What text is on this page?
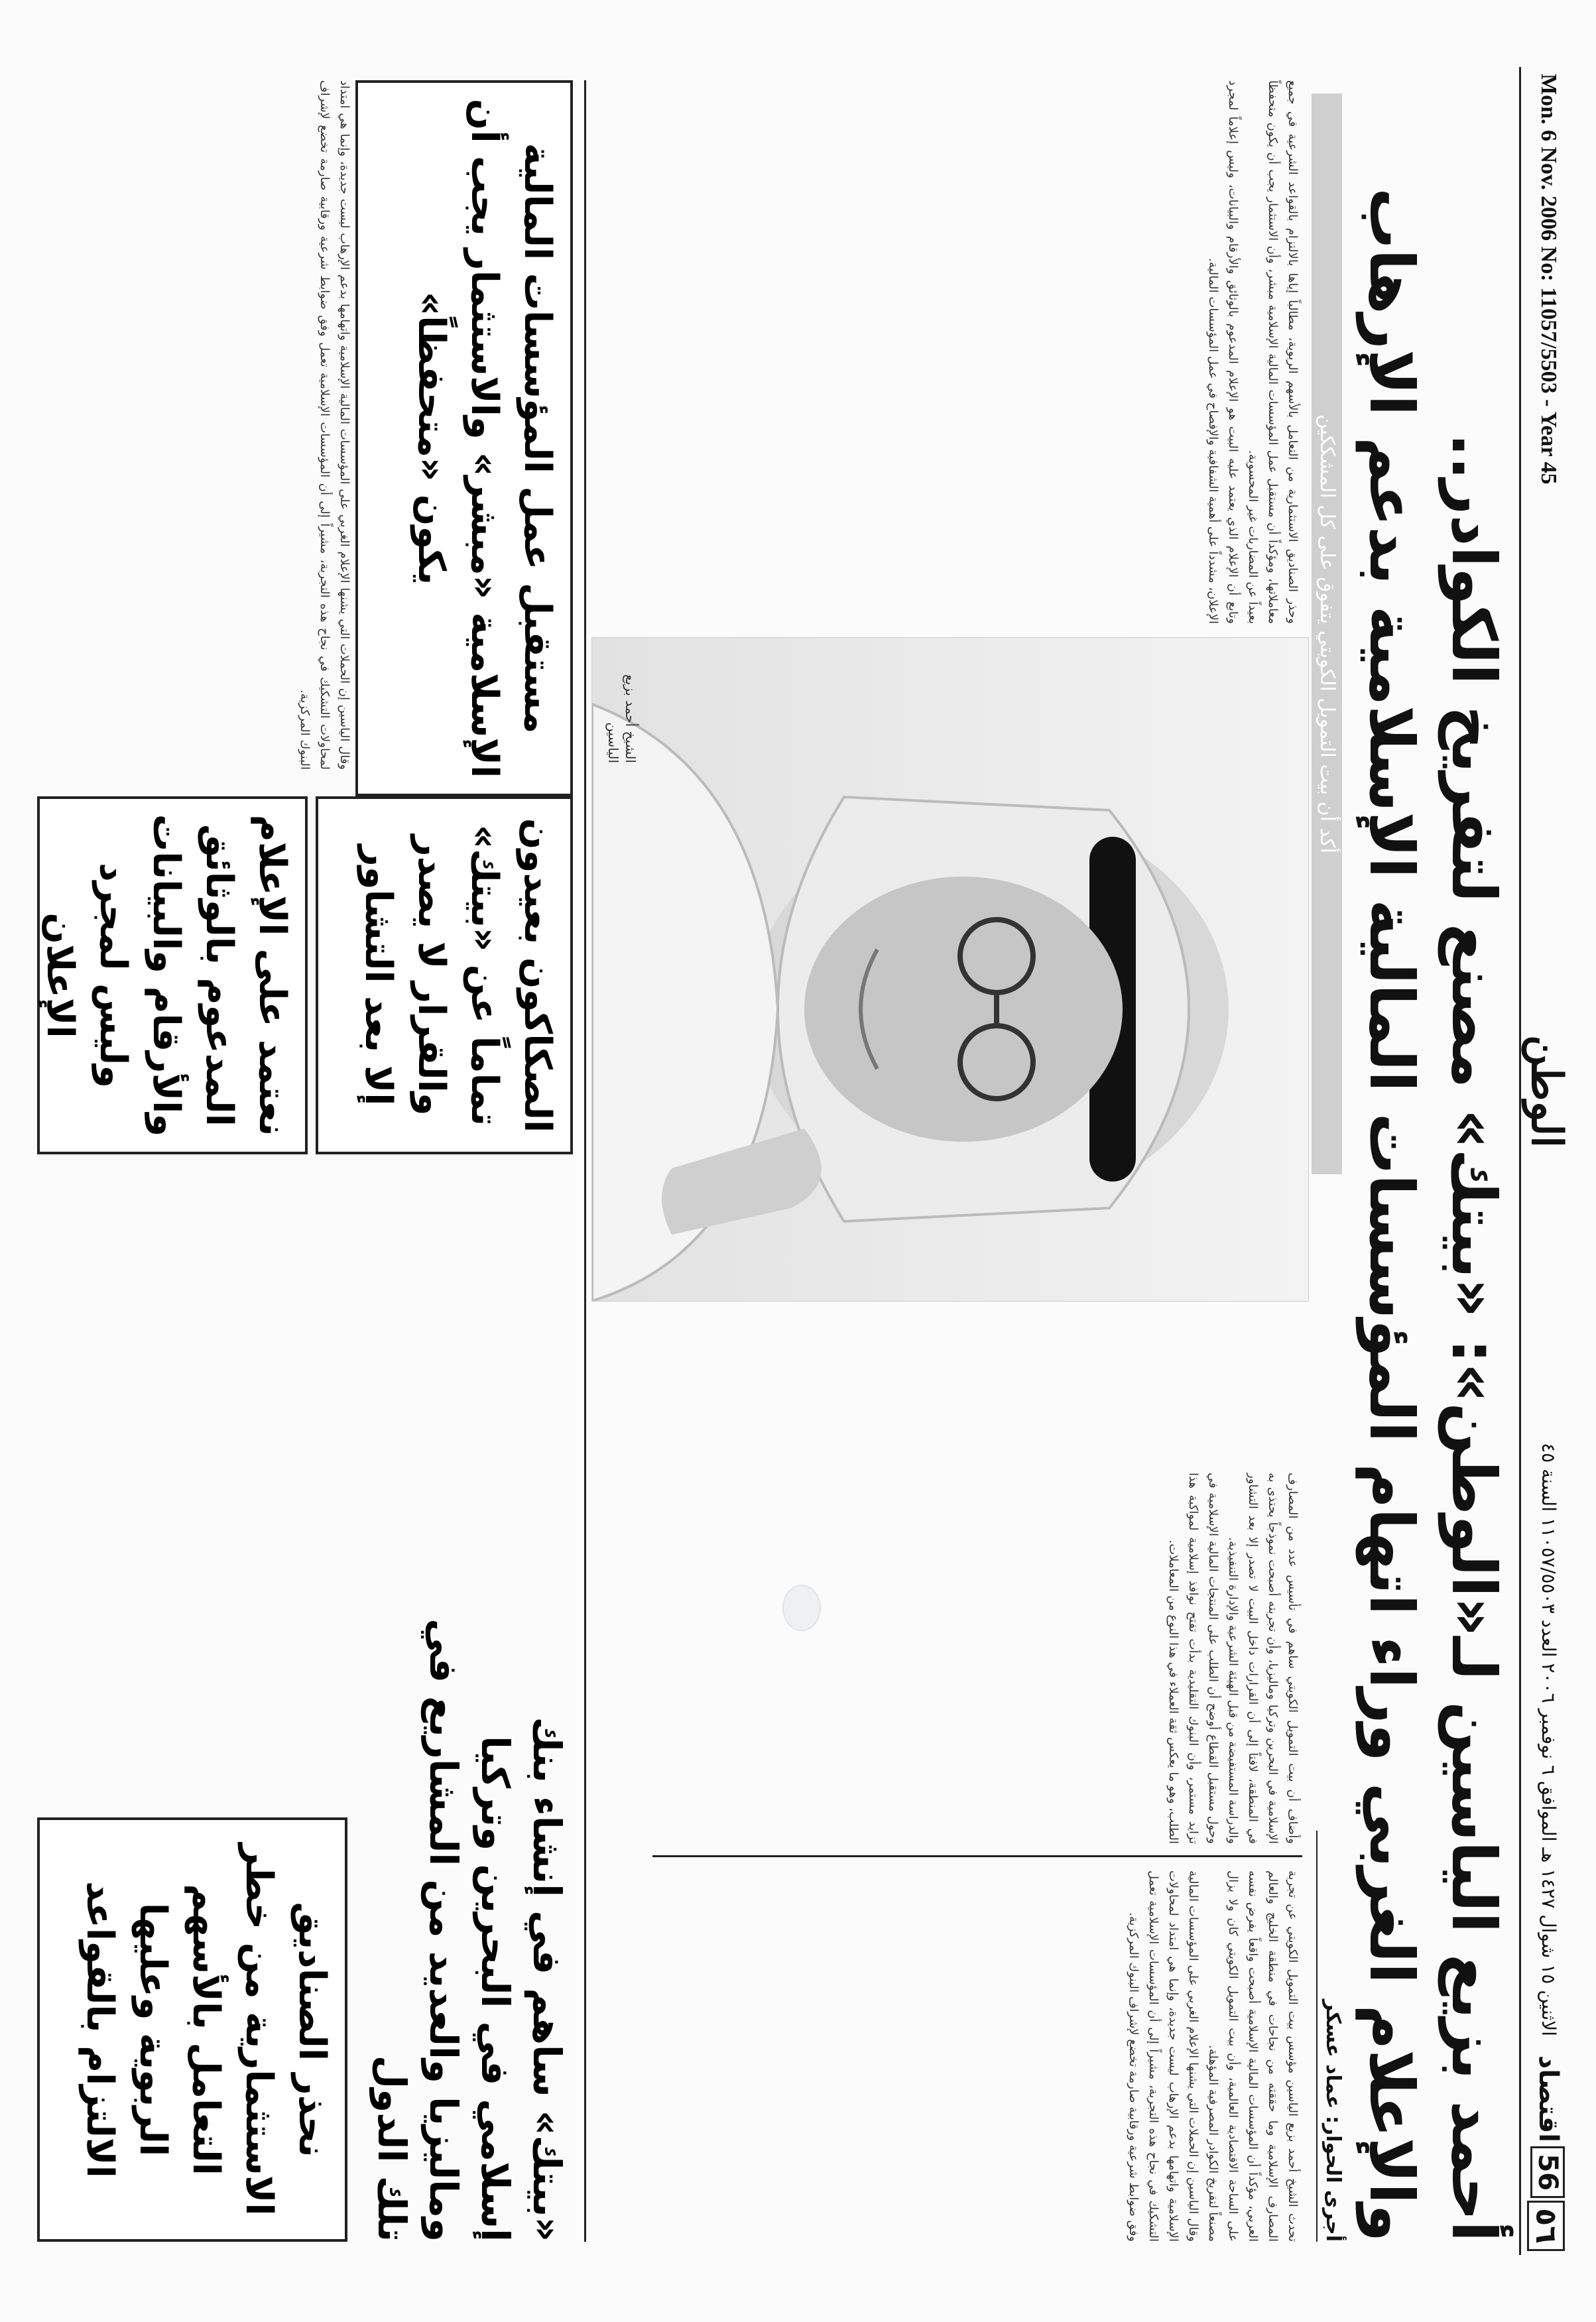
٥٦
56
اقتصاد
الاثنين ١٥ شوال ١٤٢٧ هـ الموافق ٦ نوفمبر ٢٠٠٦ العدد ١١٠٥٧/٥٥٠٣ السنة ٤٥
الوطن
Mon. 6 Nov. 2006 No: 11057/5503 - Year 45
أحمد بزيع الياسين لـ«الوطن»: «بيتك» مصنع لتفريخ الكوادر..
والإعلام الغربي وراء اتهام المؤسسات المالية الإسلامية بدعم الإرهاب
أجرى الحوار: عماد عسكر
أكد أن بيت التمويل الكويتي يتفوق على كل المشككين

تحدث الشيخ أحمد بزيع الياسين مؤسس بيت التمويل الكويتي عن تجربة المصارف الإسلامية وما حققته من نجاحات في منطقة الخليج والعالم العربي، مؤكداً أن المؤسسات المالية الإسلامية أصبحت واقعاً يفرض نفسه على الساحة الاقتصادية العالمية، وأن بيت التمويل الكويتي كان ولا يزال مصنعاً لتفريخ الكوادر المصرفية المؤهلة.

وقال الياسين إن الحملات التي يشنها الإعلام الغربي على المؤسسات المالية الإسلامية واتهامها بدعم الإرهاب ليست جديدة، وإنما هي امتداد لمحاولات التشكيك في نجاح هذه التجربة، مشيراً إلى أن المؤسسات الإسلامية تعمل وفق ضوابط شرعية ورقابية صارمة تخضع لإشراف البنوك المركزية.

وأضاف أن بيت التمويل الكويتي ساهم في تأسيس عدد من المصارف الإسلامية في البحرين وتركيا وماليزيا، وأن تجربته أصبحت نموذجاً يحتذى به في المنطقة، لافتاً إلى أن القرارات داخل البيت لا تصدر إلا بعد التشاور والدراسة المستفيضة من قبل الهيئة الشرعية والإدارة التنفيذية.

وحول مستقبل القطاع أوضح أن الطلب على المنتجات المالية الإسلامية في تزايد مستمر، وأن البنوك التقليدية بدأت تفتح نوافذ إسلامية لمواكبة هذا الطلب، وهو ما يعكس ثقة العملاء في هذا النوع من المعاملات.

الشيخ أحمد بزيع الياسين

وحذر الصناديق الاستثمارية من التعامل بالأسهم الربوية، مطالباً إياها بالالتزام بالقواعد الشرعية في جميع معاملاتها، ومؤكداً أن مستقبل عمل المؤسسات المالية الإسلامية مبشر، وأن الاستثمار يجب أن يكون متحفظاً بعيداً عن المضاربات غير المحسوبة.

وتابع أن الإعلام الذي يعتمد عليه البيت هو الإعلام المدعوم بالوثائق والأرقام والبيانات، وليس إعلاماً لمجرد الإعلان، مشدداً على أهمية الشفافية والإفصاح في عمل المؤسسات المالية.

«بيتك» ساهم في إنشاء بنك إسلامي في البحرين وتركيا وماليزيا والعديد من المشاريع في تلك الدول
الصكاكون بعيدون تماماً عن «بيتك» والقرار لا يصدر إلا بعد التشاور
نعتمد على الإعلام المدعوم بالوثائق والأرقام والبيانات وليس لمجرد الإعلان
نحذر الصناديق الاستثمارية من خطر التعامل بالأسهم الربوية وعليها الالتزام بالقواعد
مستقبل عمل المؤسسات المالية الإسلامية «مبشر» والاستثمار يجب أن يكون «متحفظاً»

وقال الياسين إن الحملات التي يشنها الإعلام الغربي على المؤسسات المالية الإسلامية واتهامها بدعم الإرهاب ليست جديدة، وإنما هي امتداد لمحاولات التشكيك في نجاح هذه التجربة، مشيراً إلى أن المؤسسات الإسلامية تعمل وفق ضوابط شرعية ورقابية صارمة تخضع لإشراف البنوك المركزية.
